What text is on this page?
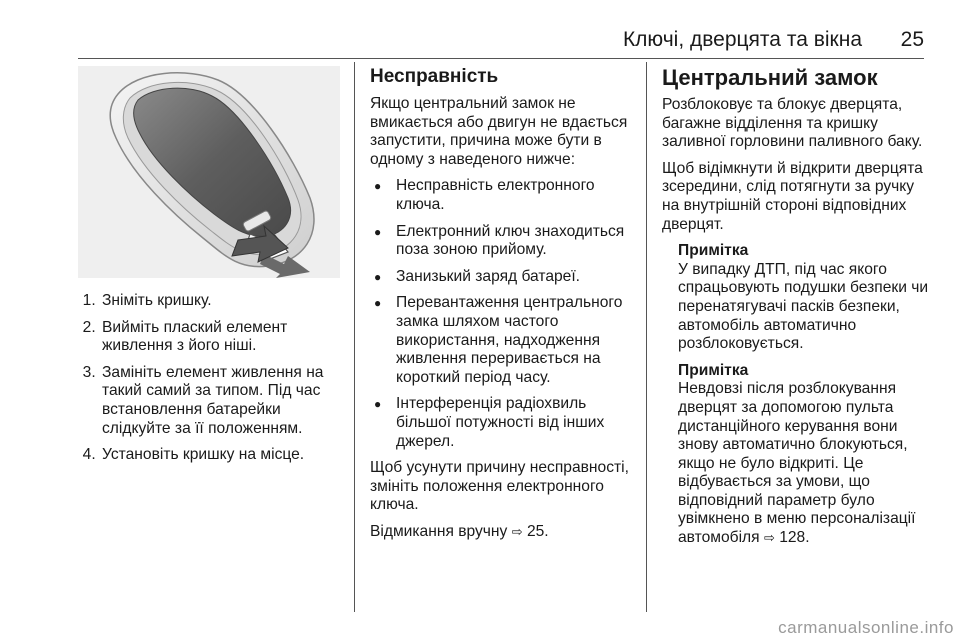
Ключі, дверцята та вікна 25
1. Зніміть кришку.
2. Вийміть плаский елемент живлення з його ніші.
3. Замініть елемент живлення на такий самий за типом. Під час встановлення батарейки слідкуйте за її положенням.
4. Установіть кришку на місце.
Несправність

Якщо центральний замок не вмикається або двигун не вдається запустити, причина може бути в одному з наведеного нижче:

● Несправність електронного ключа.
● Електронний ключ знаходиться поза зоною прийому.
● Занизький заряд батареї.
● Перевантаження центрального замка шляхом частого використання, надходження живлення переривається на короткий період часу.
● Інтерференція радіохвиль більшої потужності від інших джерел.

Щоб усунути причину несправності, змініть положення електронного ключа.

Відмикання вручну ⇨ 25.

Центральний замок

Розблоковує та блокує дверцята, багажне відділення та кришку заливної горловини паливного баку.

Щоб відімкнути й відкрити дверцята зсередини, слід потягнути за ручку на внутрішній стороні відповідних дверцят.

Примітка
У випадку ДТП, під час якого спрацьовують подушки безпеки чи перенатягувачі пасків безпеки, автомобіль автоматично розблоковується.
Примітка
Невдовзі після розблокування дверцят за допомогою пульта дистанційного керування вони знову автоматично блокуються, якщо не було відкриті. Це відбувається за умови, що відповідний параметр було увімкнено в меню персоналізації автомобіля ⇨ 128.
carmanualsonline.info
